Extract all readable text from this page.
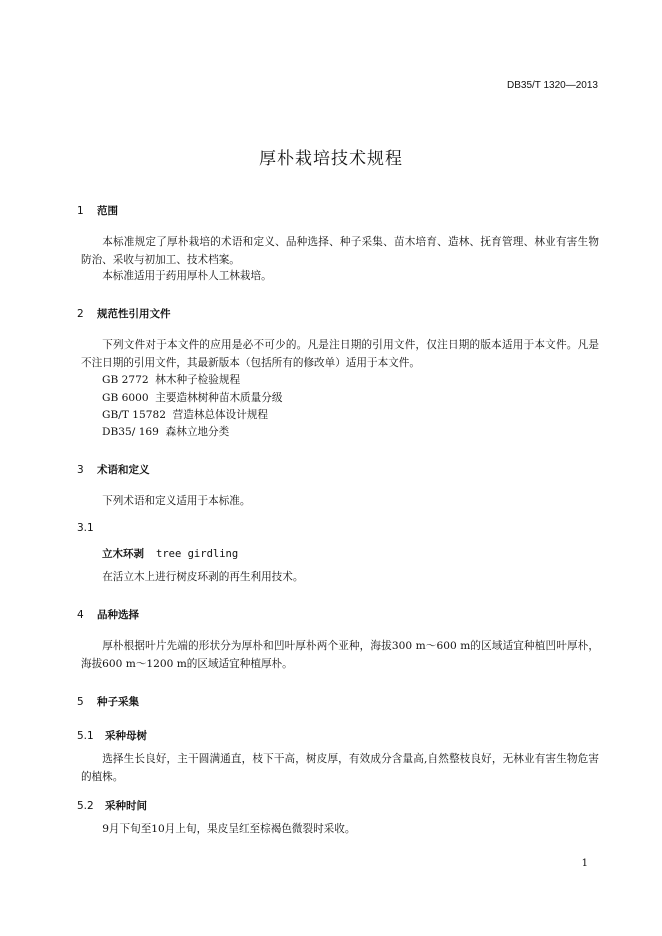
DB35/T 1320—2013
厚朴栽培技术规程
1 范围
本标准规定了厚朴栽培的术语和定义、品种选择、种子采集、苗木培育、造林、抚育管理、林业有害生物防治、采收与初加工、技术档案。
本标准适用于药用厚朴人工林栽培。
2 规范性引用文件
下列文件对于本文件的应用是必不可少的。凡是注日期的引用文件，仅注日期的版本适用于本文件。凡是不注日期的引用文件，其最新版本（包括所有的修改单）适用于本文件。
GB 2772  林木种子检验规程
GB 6000  主要造林树种苗木质量分级
GB/T 15782  营造林总体设计规程
DB35/ 169  森林立地分类
3 术语和定义
下列术语和定义适用于本标准。
3.1
立木环剥 tree girdling
在活立木上进行树皮环剥的再生利用技术。
4 品种选择
厚朴根据叶片先端的形状分为厚朴和凹叶厚朴两个亚种，海拔300 m～600 m的区域适宜种植凹叶厚朴，海拔600 m～1200 m的区域适宜种植厚朴。
5 种子采集
5.1 采种母树
选择生长良好，主干圆满通直，枝下干高，树皮厚，有效成分含量高,自然整枝良好，无林业有害生物危害的植株。
5.2 采种时间
9月下旬至10月上旬，果皮呈红至棕褐色微裂时采收。
1
